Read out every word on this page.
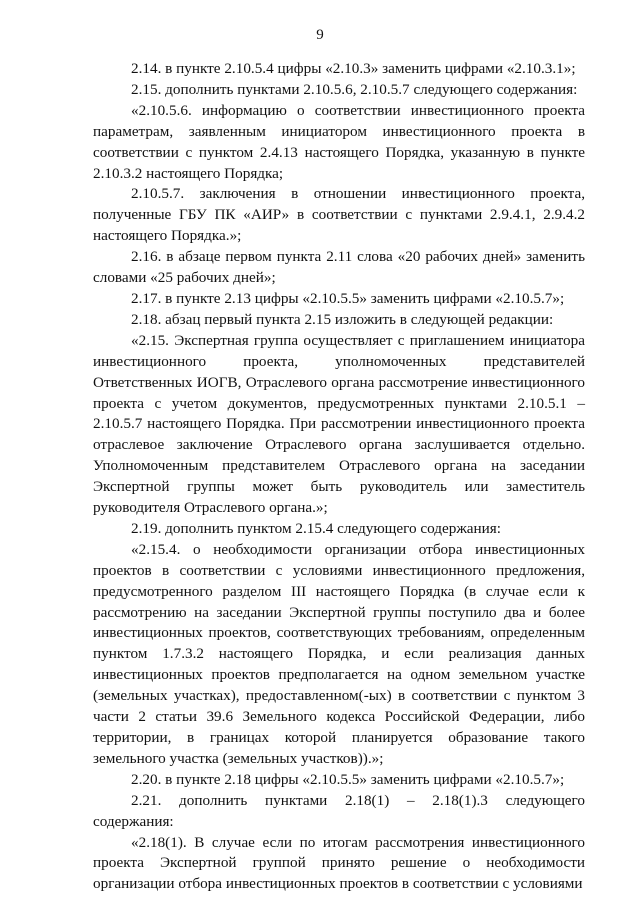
9

2.14. в пункте 2.10.5.4 цифры «2.10.3» заменить цифрами «2.10.3.1»;

2.15. дополнить пунктами 2.10.5.6, 2.10.5.7 следующего содержания:

«2.10.5.6. информацию о соответствии инвестиционного проекта параметрам, заявленным инициатором инвестиционного проекта в соответствии с пунктом 2.4.13 настоящего Порядка, указанную в пункте 2.10.3.2 настоящего Порядка;

2.10.5.7. заключения в отношении инвестиционного проекта, полученные ГБУ ПК «АИР» в соответствии с пунктами 2.9.4.1, 2.9.4.2 настоящего Порядка.»;

2.16. в абзаце первом пункта 2.11 слова «20 рабочих дней» заменить словами «25 рабочих дней»;

2.17. в пункте 2.13 цифры «2.10.5.5» заменить цифрами «2.10.5.7»;

2.18. абзац первый пункта 2.15 изложить в следующей редакции:

«2.15. Экспертная группа осуществляет с приглашением инициатора инвестиционного проекта, уполномоченных представителей Ответственных ИОГВ, Отраслевого органа рассмотрение инвестиционного проекта с учетом документов, предусмотренных пунктами 2.10.5.1 – 2.10.5.7 настоящего Порядка. При рассмотрении инвестиционного проекта отраслевое заключение Отраслевого органа заслушивается отдельно. Уполномоченным представителем Отраслевого органа на заседании Экспертной группы может быть руководитель или заместитель руководителя Отраслевого органа.»;

2.19. дополнить пунктом 2.15.4 следующего содержания:

«2.15.4. о необходимости организации отбора инвестиционных проектов в соответствии с условиями инвестиционного предложения, предусмотренного разделом III настоящего Порядка (в случае если к рассмотрению на заседании Экспертной группы поступило два и более инвестиционных проектов, соответствующих требованиям, определенным пунктом 1.7.3.2 настоящего Порядка, и если реализация данных инвестиционных проектов предполагается на одном земельном участке (земельных участках), предоставленном(-ых) в соответствии с пунктом 3 части 2 статьи 39.6 Земельного кодекса Российской Федерации, либо территории, в границах которой планируется образование такого земельного участка (земельных участков)).»;

2.20. в пункте 2.18 цифры «2.10.5.5» заменить цифрами «2.10.5.7»;

2.21. дополнить пунктами 2.18(1) – 2.18(1).3 следующего содержания:

«2.18(1). В случае если по итогам рассмотрения инвестиционного проекта Экспертной группой принято решение о необходимости организации отбора инвестиционных проектов в соответствии с условиями
